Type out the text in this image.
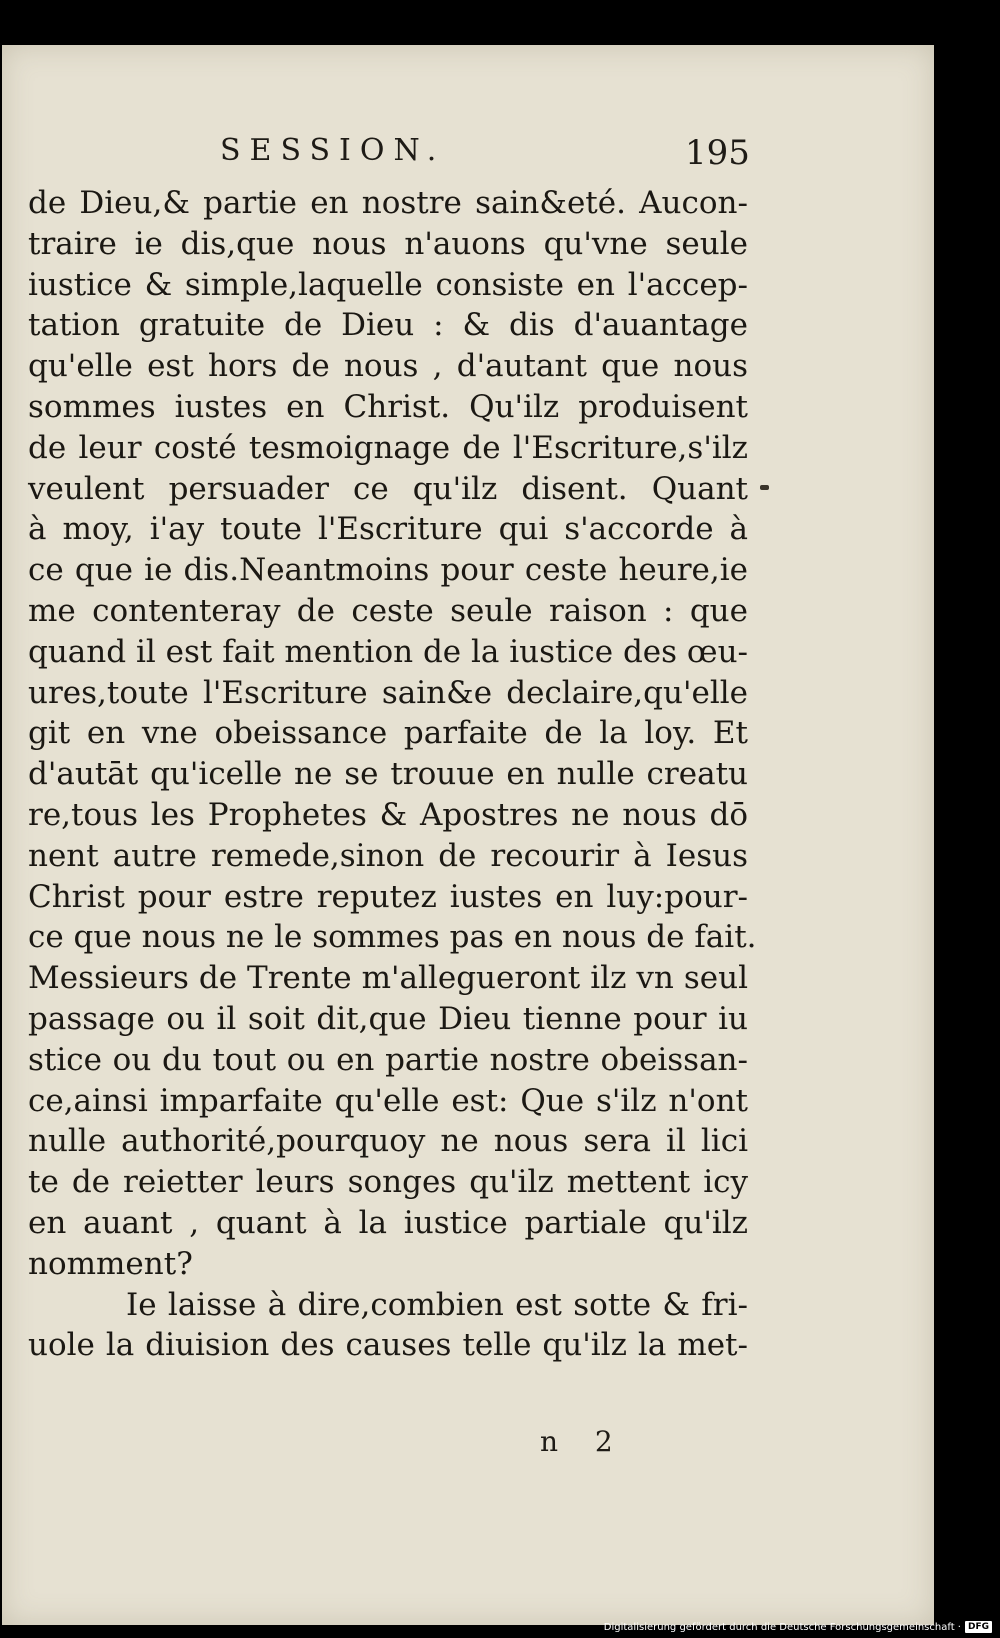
SESSION.	195
de Dieu,& partie en nostre sain&eté. Aucon-
traire ie dis,que nous n'auons qu'vne seule
iustice & simple,laquelle consiste en l'accep-
tation gratuite de Dieu : & dis d'auantage
qu'elle est hors de nous , d'autant que nous
sommes iustes en Christ. Qu'ilz produisent
de leur costé tesmoignage de l'Escriture,s'ilz
veulent persuader ce qu'ilz disent. Quant
à moy, i'ay toute l'Escriture qui s'accorde à
ce que ie dis.Neantmoins pour ceste heure,ie
me contenteray de ceste seule raison : que
quand il est fait mention de la iustice des œu-
ures,toute l'Escriture sain&e declaire,qu'elle
git en vne obeissance parfaite de la loy. Et
d'autāt qu'icelle ne se trouue en nulle creatu
re,tous les Prophetes & Apostres ne nous dō
nent autre remede,sinon de recourir à Iesus
Christ pour estre reputez iustes en luy:pour-
ce que nous ne le sommes pas en nous de fait.
Messieurs de Trente m'allegueront ilz vn seul
passage ou il soit dit,que Dieu tienne pour iu
stice ou du tout ou en partie nostre obeissan-
ce,ainsi imparfaite qu'elle est: Que s'ilz n'ont
nulle authorité,pourquoy ne nous sera il lici
te de reietter leurs songes qu'ilz mettent icy
en auant , quant à la iustice partiale qu'ilz
nomment?
Ie laisse à dire,combien est sotte & fri-
uole la diuision des causes telle qu'ilz la met-
n 2
Digitalisierung gefördert durch die Deutsche Forschungsgemeinschaft · DFG
